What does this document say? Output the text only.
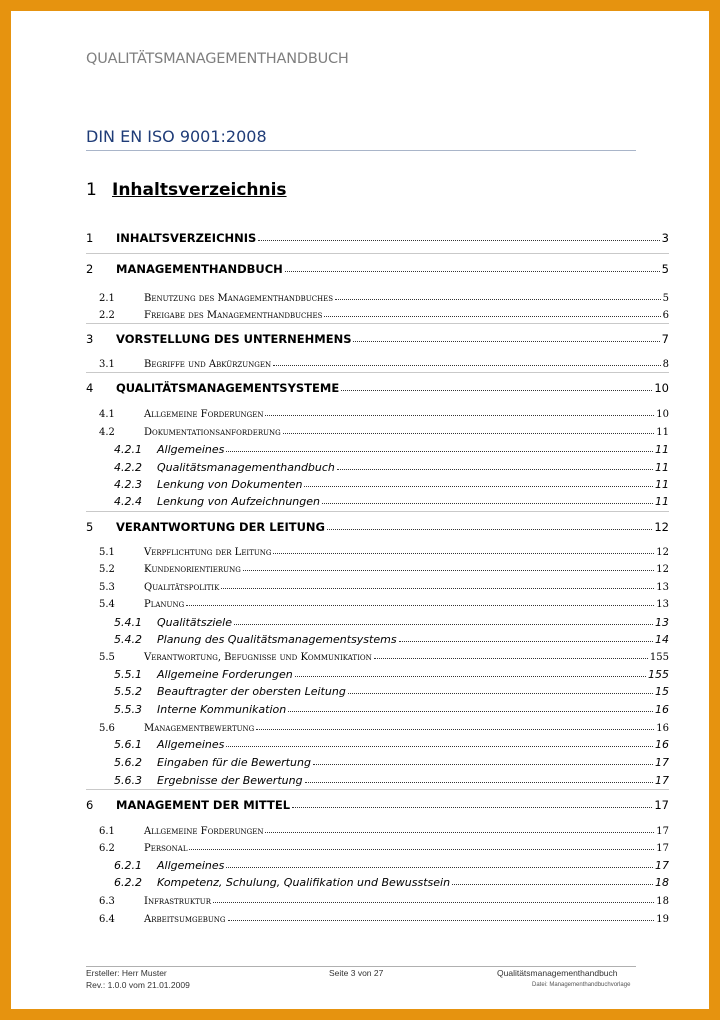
QUALITÄTSMANAGEMENTHANDBUCH
DIN EN ISO 9001:2008
1 Inhaltsverzeichnis
Ersteller: Herr Muster
Rev.: 1.0.0 vom 21.01.2009
Seite 3 von 27	Qualitätsmanagementhandbuch
Datei: Managementhandbuchvorlage
1	INHALTSVERZEICHNIS	3
2	MANAGEMENTHANDBUCH	5
2.1	Benutzung des Managementhandbuches	5
2.2	Freigabe des Managementhandbuches	6
3	VORSTELLUNG DES UNTERNEHMENS	7
3.1	Begriffe und Abkürzungen	8
4	QUALITÄTSMANAGEMENTSYSTEME	10
4.1	Allgemeine Forderungen	10
4.2	Dokumentationsanforderung	11
4.2.1	Allgemeines	11
4.2.2	Qualitätsmanagementhandbuch	11
4.2.3	Lenkung von Dokumenten	11
4.2.4	Lenkung von Aufzeichnungen	11
5	VERANTWORTUNG DER LEITUNG	12
5.1	Verpflichtung der Leitung	12
5.2	Kundenorientierung	12
5.3	Qualitätspolitik	13
5.4	Planung	13
5.4.1	Qualitätsziele	13
5.4.2	Planung des Qualitätsmanagementsystems	14
5.5	Verantwortung, Befugnisse und Kommunikation	155
5.5.1	Allgemeine Forderungen	155
5.5.2	Beauftragter der obersten Leitung	15
5.5.3	Interne Kommunikation	16
5.6	Managementbewertung	16
5.6.1	Allgemeines	16
5.6.2	Eingaben für die Bewertung	17
5.6.3	Ergebnisse der Bewertung	17
6	MANAGEMENT DER MITTEL	17
6.1	Allgemeine Forderungen	17
6.2	Personal	17
6.2.1	Allgemeines	17
6.2.2	Kompetenz, Schulung, Qualifikation und Bewusstsein	18
6.3	Infrastruktur	18
6.4	Arbeitsumgebung	19
